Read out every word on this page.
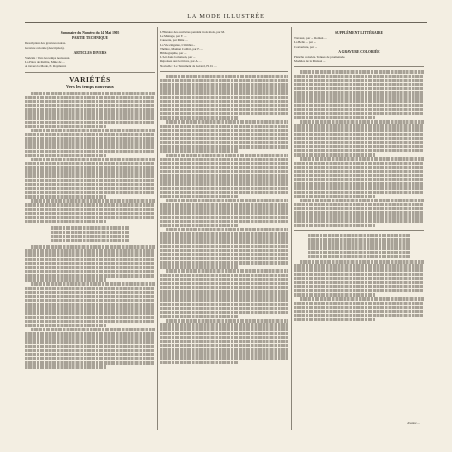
LA MODE ILLUSTRÉE
Sommaire du Numéro du 14 Mai 1905
PARTIE TECHNIQUE
Description des gravures noires.
Gravure coloriée (description).
ARTICLES DIVERS
Variétés : Vers les temps nouveaux.
La Pièce de théâtre, Mme de ...
A travers la Mode, E. Raymond.
VARIÉTÉS
Vers les temps nouveaux
L'Histoire des ouvrières pendant trois mois, par M.
Le Ménage, par F. ...
Causerie, par Mme ...
La Vie élégante, L'Ombre...
Théâtre, Maman Colibri, par F. ...
Bibliographie, par ...
L'Art dans la maison, par ...
Réponses aux lectrices, par A. ...
Nouvelle : Le Testament de Gérard, H. D. ...
SUPPLÉMENT LITTÉRAIRE
Travaux, par ... Roman ...
La Belle ... par ...
Couverture, par ...
A GRAVURE COLORIÉE
Planche coloriée. Tenues de promenade.
Modèles de la Maison ...
Jeanne ...
